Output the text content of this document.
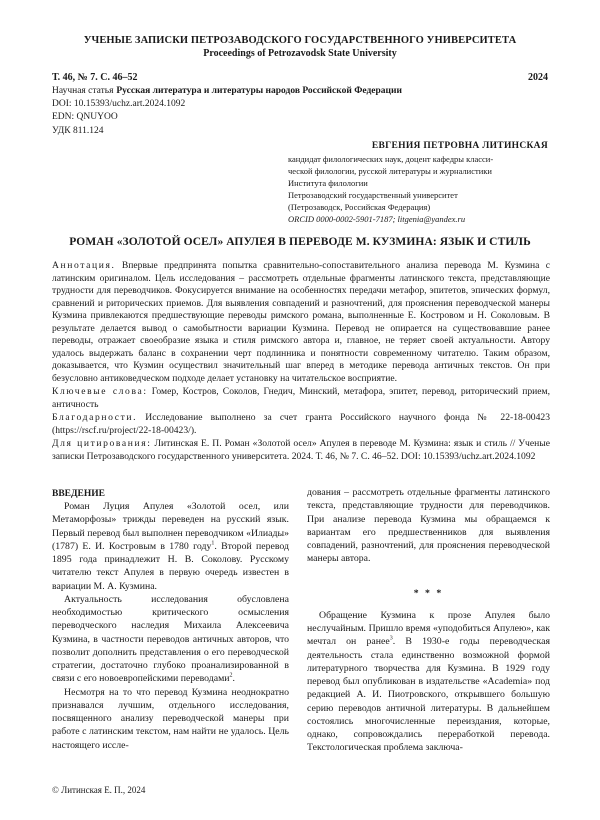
УЧЕНЫЕ ЗАПИСКИ ПЕТРОЗАВОДСКОГО ГОСУДАРСТВЕННОГО УНИВЕРСИТЕТА
Proceedings of Petrozavodsk State University
Т. 46, № 7. С. 46–52	2024
Научная статья Русская литература и литературы народов Российской Федерации
DOI: 10.15393/uchz.art.2024.1092
EDN: QNUYOO
УДК 811.124
ЕВГЕНИЯ ПЕТРОВНА ЛИТИНСКАЯ
кандидат филологических наук, доцент кафедры класси-
ческой филологии, русской литературы и журналистики
Института филологии
Петрозаводский государственный университет
(Петрозаводск, Российская Федерация)
ORCID 0000-0002-5901-7187; litgenia@yandex.ru
РОМАН «ЗОЛОТОЙ ОСЕЛ» АПУЛЕЯ В ПЕРЕВОДЕ М. КУЗМИНА: ЯЗЫК И СТИЛЬ

Аннотация. Впервые предпринята попытка сравнительно-сопоставительного анализа перевода М. Кузмина с латинским оригиналом. Цель исследования – рассмотреть отдельные фрагменты латинского текста, представляющие трудности для переводчиков. Фокусируется внимание на особенностях передачи метафор, эпитетов, эпических формул, сравнений и риторических приемов. Для выявления совпадений и разночтений, для прояснения переводческой манеры Кузмина привлекаются предшествующие переводы римского романа, выполненные Е. Костровом и Н. Соколовым. В результате делается вывод о самобытности вариации Кузмина. Перевод не опирается на существовавшие ранее переводы, отражает своеобразие языка и стиля римского автора и, главное, не теряет своей актуальности. Автору удалось выдержать баланс в сохранении черт подлинника и понятности современному читателю. Таким образом, доказывается, что Кузмин осуществил значительный шаг вперед в методике перевода античных текстов. Он при безусловно антиковедческом подходе делает установку на читательское восприятие.

Ключевые слова: Гомер, Костров, Соколов, Гнедич, Минский, метафора, эпитет, перевод, риторический прием, античность

Благодарности. Исследование выполнено за счет гранта Российского научного фонда № 22-18-00423 (https://rscf.ru/project/22-18-00423/).

Для цитирования: Литинская Е. П. Роман «Золотой осел» Апулея в переводе М. Кузмина: язык и стиль // Ученые записки Петрозаводского государственного университета. 2024. Т. 46, № 7. С. 46–52. DOI: 10.15393/uchz.art.2024.1092

ВВЕДЕНИЕ

Роман Луция Апулея «Золотой осел, или Метаморфозы» трижды переведен на русский язык. Первый перевод был выполнен переводчиком «Илиады» (1787) Е. И. Костровым в 1780 году$^1$. Второй перевод 1895 года принадлежит Н. В. Соколову. Русскому читателю текст Апулея в первую очередь известен в вариации М. А. Кузмина.

Актуальность исследования обусловлена необходимостью критического осмысления переводческого наследия Михаила Алексеевича Кузмина, в частности переводов античных авторов, что позволит дополнить представления о его переводческой стратегии, достаточно глубоко проанализированной в связи с его новоевропейскими переводами$^2$.

Несмотря на то что перевод Кузмина неоднократно признавался лучшим, отдельного исследования, посвященного анализу переводческой манеры при работе с латинским текстом, нам найти не удалось. Цель настоящего иссле-

дования – рассмотреть отдельные фрагменты латинского текста, представляющие трудности для переводчиков. При анализе перевода Кузмина мы обращаемся к вариантам его предшественников для выявления совпадений, разночтений, для прояснения переводческой манеры автора.

* * *

Обращение Кузмина к прозе Апулея было неслучайным. Пришло время «уподобиться Апулею», как мечтал он ранее$^3$. В 1930-е годы переводческая деятельность стала единственно возможной формой литературного творчества для Кузмина. В 1929 году перевод был опубликован в издательстве «Academia» под редакцией А. И. Пиотровского, открывшего большую серию переводов античной литературы. В дальнейшем состоялись многочисленные переиздания, которые, однако, сопровождались переработкой перевода. Текстологическая проблема заключа-

© Литинская Е. П., 2024
